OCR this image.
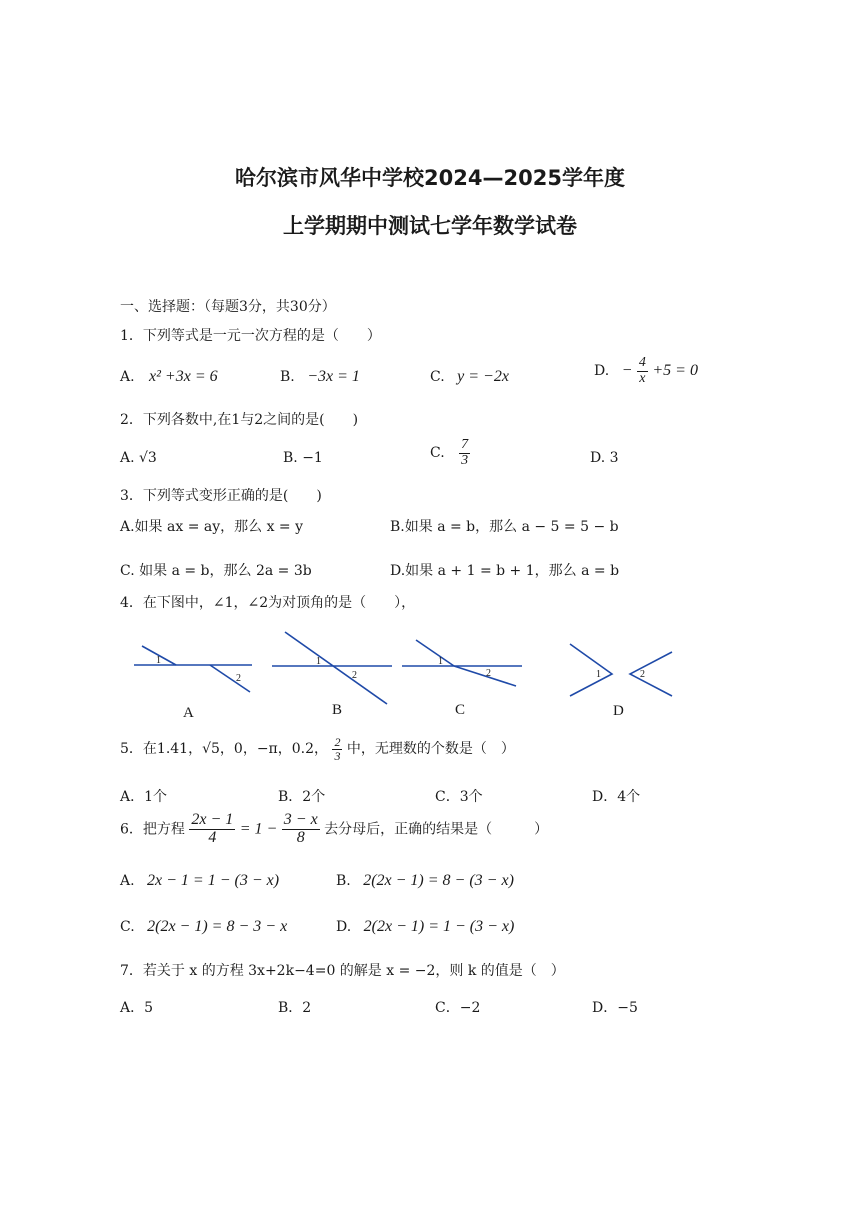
哈尔滨市风华中学校2024—2025学年度
上学期期中测试七学年数学试卷
一、选择题：（每题3分，共30分）
1．下列等式是一元一次方程的是（　　）
A. x² +3x = 6	B. −3x = 1	C. y = −2x	D. − $\frac{4}{x} +5 = 0$
2．下列各数中,在1与2之间的是(　　)
A. √3	B. −1	C. $\frac{7}{3}$	D. 3
3．下列等式变形正确的是(　　)
A.如果 ax = ay，那么 x = y	B.如果 a = b，那么 a − 5 = 5 − b
C. 如果 a = b，那么 2a = 3b	D.如果 a + 1 = b + 1，那么 a = b
4．在下图中，∠1，∠2为对顶角的是（　　），
1
2
1
2
1
2	1	2
A	B	C	D
5．在1.41，√5，0，−π，0.2， $\frac{2}{3}$ 中，无理数的个数是（　）
A．1个	B．2个	C．3个	D．4个
6．把方程 $\frac{2x - 1}{4} = 1 - \frac{3 - x}{8}$ 去分母后，正确的结果是（　　　）
A. 2x − 1 = 1 − (3 − x)	B. 2(2x − 1) = 8 − (3 − x)
C. 2(2x − 1) = 8 − 3 − x	D. 2(2x − 1) = 1 − (3 − x)
7．若关于 x 的方程 3x+2k−4=0 的解是 x = −2，则 k 的值是（　）
A．5	B．2	C．−2	D．−5
